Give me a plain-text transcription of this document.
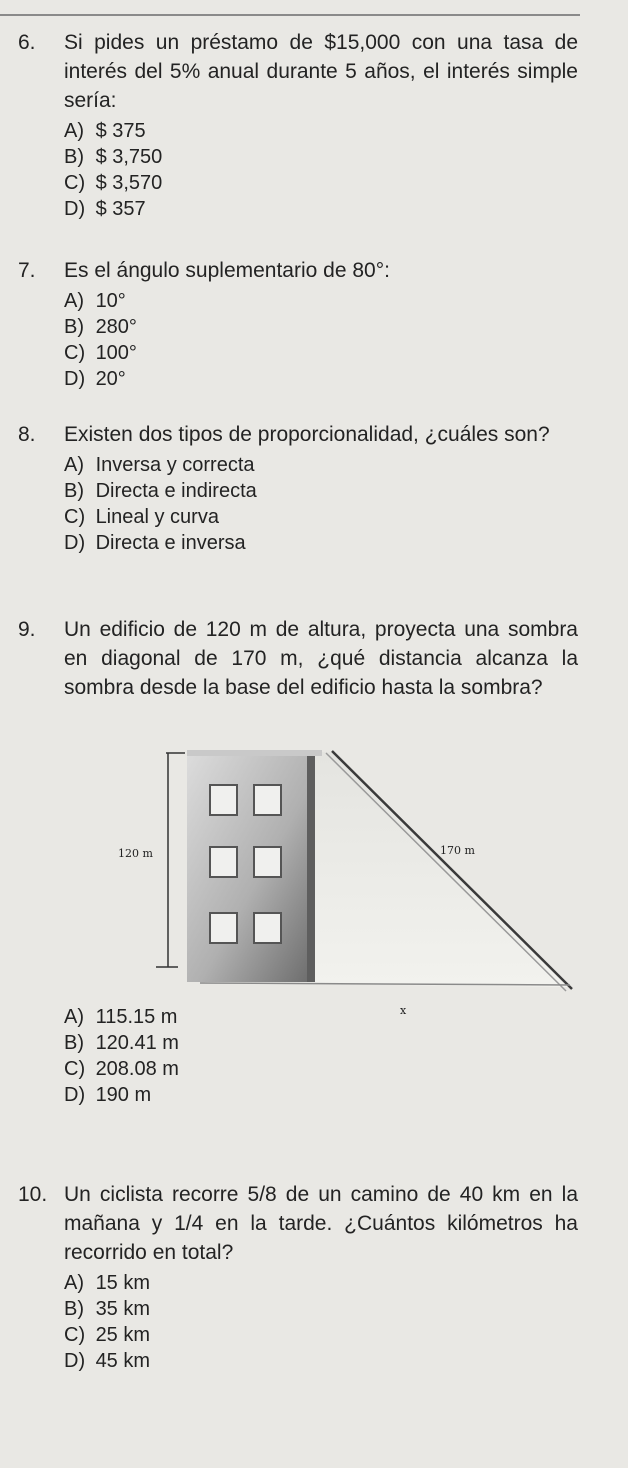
6.	Si pides un préstamo de $15,000 con una tasa de interés del 5% anual durante 5 años, el interés simple sería:
A) $ 375
B) $ 3,750
C) $ 3,570
D) $ 357
7.	Es el ángulo suplementario de 80°:
A) 10°
B) 280°
C) 100°
D) 20°
8.	Existen dos tipos de proporcionalidad, ¿cuáles son?
A) Inversa y correcta
B) Directa e indirecta
C) Lineal y curva
D) Directa e inversa
9.	Un edificio de 120 m de altura, proyecta una sombra en diagonal de 170 m, ¿qué distancia alcanza la sombra desde la base del edificio hasta la sombra?
120 m	170 m
x
A) 115.15 m
B) 120.41 m
C) 208.08 m
D) 190 m
10. Un ciclista recorre 5/8 de un camino de 40 km en la mañana y 1/4 en la tarde. ¿Cuántos kilómetros ha recorrido en total?
A) 15 km
B) 35 km
C) 25 km
D) 45 km
